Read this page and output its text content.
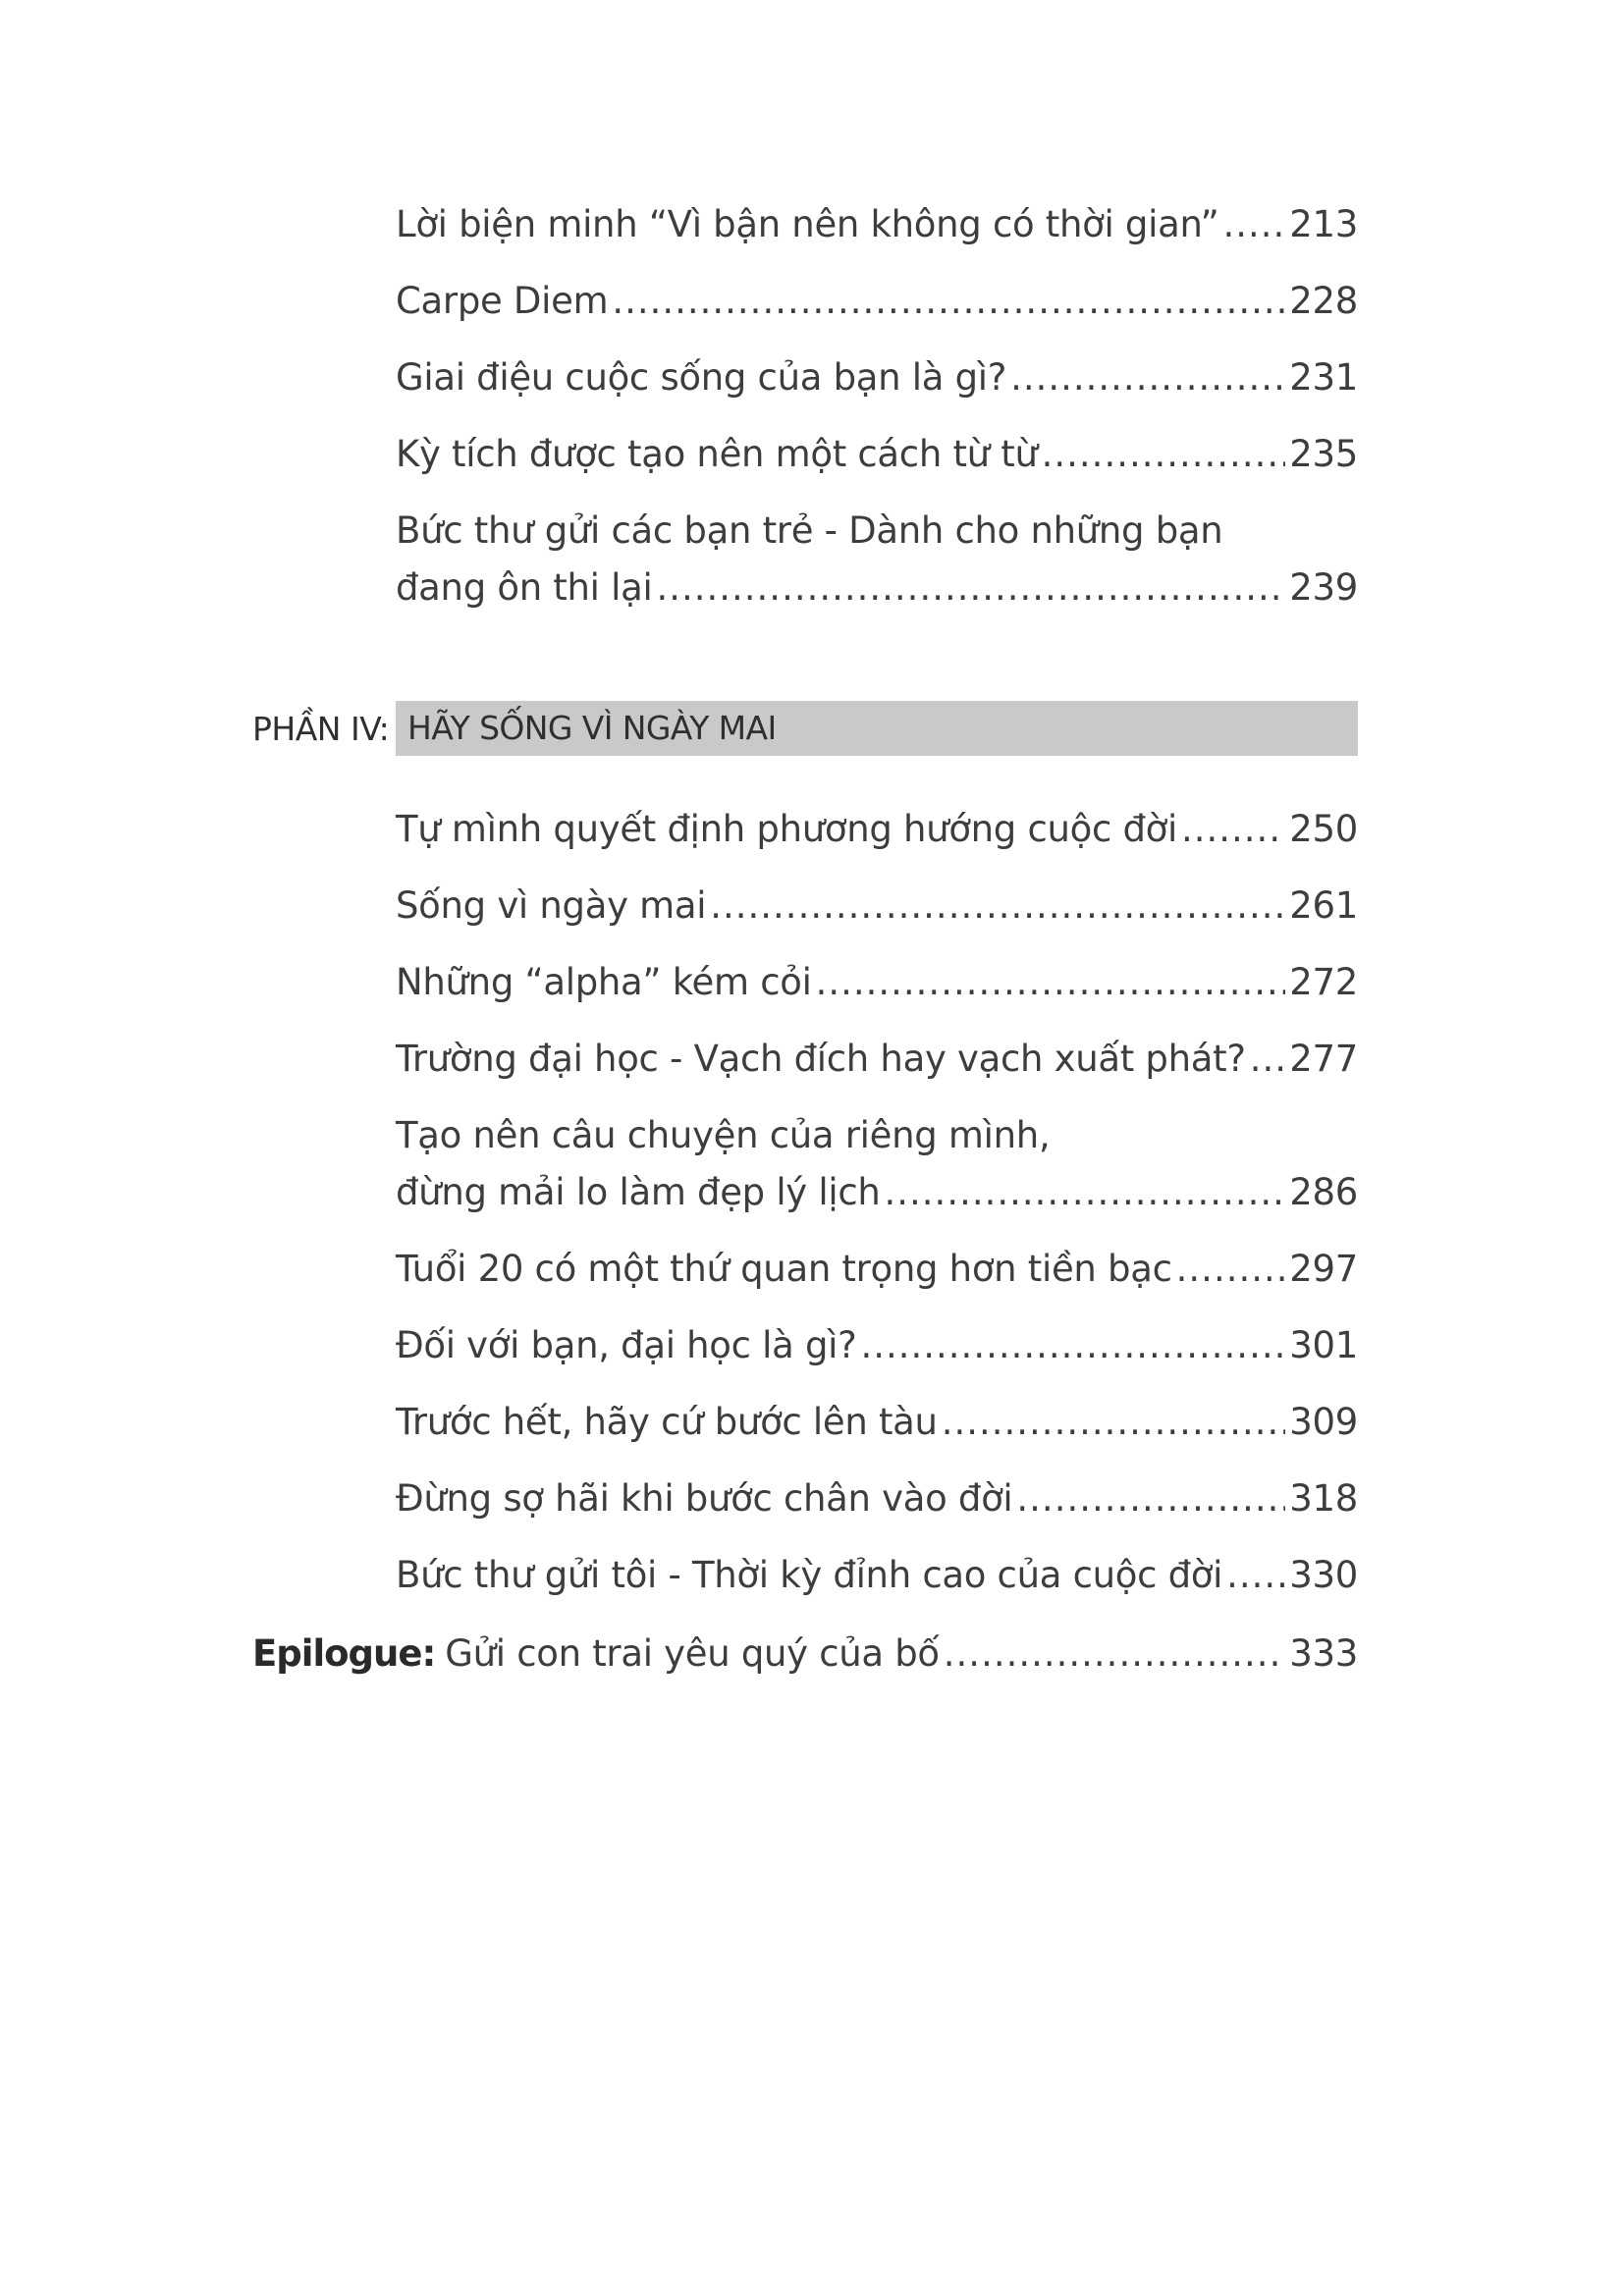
Lời biện minh “Vì bận nên không có thời gian” ..... 213
Carpe Diem .....	228
Giai điệu cuộc sống của bạn là gì? .....	231
Kỳ tích được tạo nên một cách từ từ .....	235
Bức thư gửi các bạn trẻ - Dành cho những bạn
đang ôn thi lại .....	239
PHẦN IV: HÃY SỐNG VÌ NGÀY MAI
Tự mình quyết định phương hướng cuộc đời .....	250
Sống vì ngày mai .....	261
Những “alpha” kém cỏi .....	272
Trường đại học - Vạch đích hay vạch xuất phát? ..... 277
Tạo nên câu chuyện của riêng mình,
đừng mải lo làm đẹp lý lịch .....	286
Tuổi 20 có một thứ quan trọng hơn tiền bạc .....	297
Đối với bạn, đại học là gì? .....	301
Trước hết, hãy cứ bước lên tàu .....	309
Đừng sợ hãi khi bước chân vào đời .....	318
Bức thư gửi tôi - Thời kỳ đỉnh cao của cuộc đời ..... 330
Epilogue: Gửi con trai yêu quý của bố .....	333
